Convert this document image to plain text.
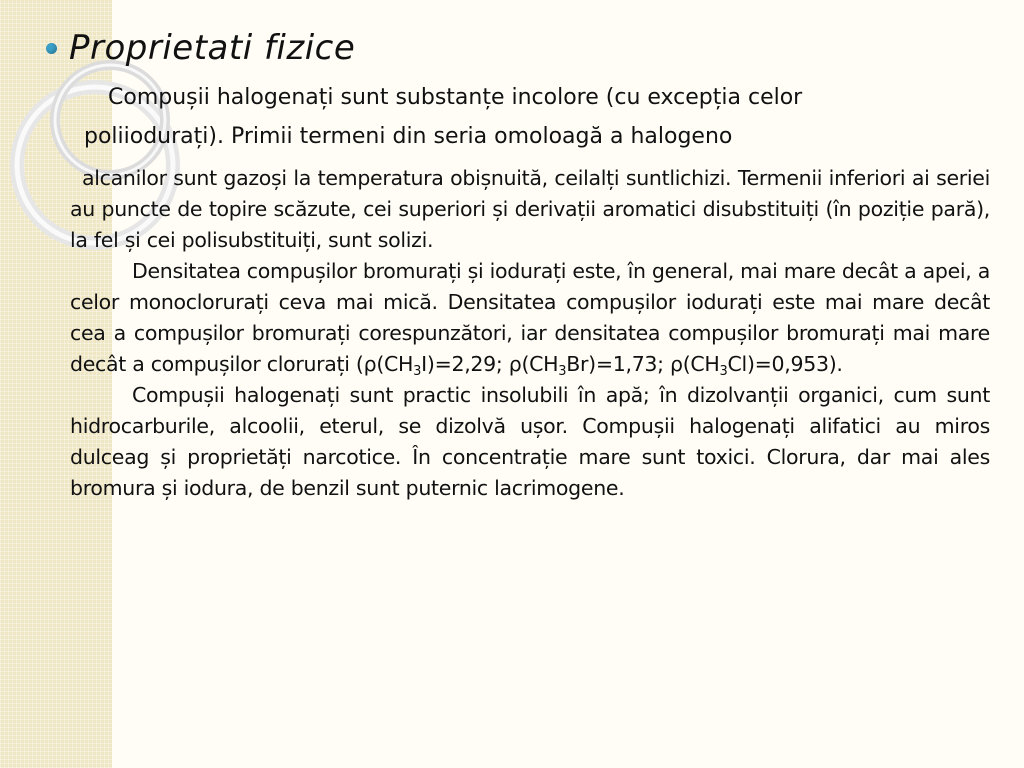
Proprietati fizice
Compușii halogenați sunt substanțe incolore (cu excepția celor
poliiodurați). Primii termeni din seria omoloagă a halogeno

alcanilor sunt gazoși la temperatura obișnuită, ceilalți suntlichizi. Termenii inferiori ai seriei au puncte de topire scăzute, cei superiori și derivații aromatici disubstituiți (în poziție pară), la fel și cei polisubstituiți, sunt solizi.

Densitatea compușilor bromurați și iodurați este, în general, mai mare decât a apei, a celor monoclorurați ceva mai mică. Densitatea compușilor iodurați este mai mare decât cea a compușilor bromurați corespunzători, iar densitatea compușilor bromurați mai mare decât a compușilor clorurați ($\rho(CH_3I)=2,29$; $\rho(CH_3Br)=1,73$; $\rho(CH_3Cl)=0,953$).

Compușii halogenați sunt practic insolubili în apă; în dizolvanții organici, cum sunt hidrocarburile, alcoolii, eterul, se dizolvă ușor. Compușii halogenați alifatici au miros dulceag și proprietăți narcotice. În concentrație mare sunt toxici. Clorura, dar mai ales bromura și iodura, de benzil sunt puternic lacrimogene.
